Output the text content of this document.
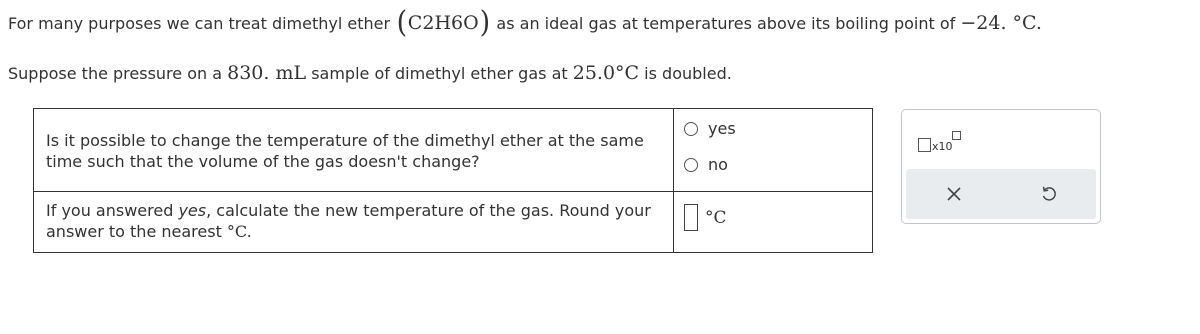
For many purposes we can treat dimethyl ether ( C 2 H 6 O ) as an ideal gas at temperatures above its boiling point of
−24. °C.
Suppose the pressure on a 830. mL sample of dimethyl ether gas at 25.0°C is doubled.
Is it possible to change the temperature of the dimethyl ether at the same time such that the volume of the gas doesn't change?	yes
no

If you answered yes, calculate the new temperature of the gas. Round your answer to the nearest °C.	°C
x10
